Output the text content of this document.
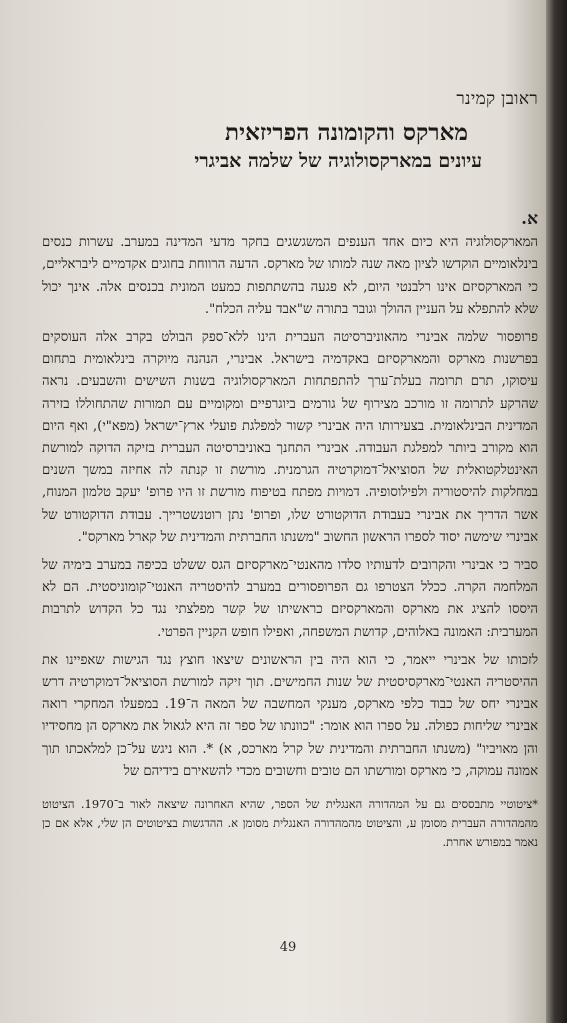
ראובן קמינר
מארקס והקומונה הפריזאית
עיונים במארקסולוגיה של שלמה אביגרי
א.

המארקסולוגיה היא כיום אחד הענפים המשגשגים בחקר מדעי המדינה במערב. עשרות כנסים בינלאומיים הוקדשו לציון מאה שנה למותו של מארקס. הדעה הרווחת בחוגים אקדמיים ליבראליים, כי המארקסיזם אינו רלבנטי היום, לא פגעה בהשתתפות כמעט המונית בכנסים אלה. אינך יכול שלא להתפלא על העניין ההולך וגובר בתורה ש"אבד עליה הכלח".

פרופסור שלמה אבינרי מהאוניברסיטה העברית הינו ללא־ספק הבולט בקרב אלה העוסקים בפרשנות מארקס והמארקסיזם באקדמיה בישראל. אבינרי, הנהנה מיוקרה בינלאומית בתחום עיסוקו, תרם תרומה בעלת־ערך להתפתחות המארקסולוגיה בשנות השישים והשבעים. נראה שהרקע לתרומה זו מורכב מצירוף של גורמים ביוגרפיים ומקומיים עם תמורות שהתחוללו בזירה המדינית הבינלאומית. בצעירותו היה אבינרי קשור למפלגת פועלי ארץ־ישראל (מפא"י), ואף היום הוא מקורב ביותר למפלגת העבודה. אבינרי התחנך באוניברסיטה העברית בזיקה הדוקה למורשת האינטלקטואלית של הסוציאל־דמוקרטיה הגרמנית. מורשת זו קנתה לה אחיזה במשך השנים במחלקות להיסטוריה ולפילוסופיה. דמויות מפתח בטיפוח מורשת זו היו פרופ' יעקב טלמון המנוח, אשר הדריך את אבינרי בעבודת הדוקטורט שלו, ופרופ' נתן רוטנשטרייך. עבודת הדוקטורט של אבינרי שימשה יסוד לספרו הראשון החשוב "משנתו החברתית והמדינית של קארל מארקס".

סביר כי אבינרי והקרובים לדעותיו סלדו מהאנטי־מארקסיזם הגס ששלט בכיפה במערב בימיה של המלחמה הקרה. ככלל הצטרפו גם הפרופסורים במערב להיסטריה האנטי־קומוניסטית. הם לא היססו להציג את מארקס והמארקסיזם כראשיתו של קשר מפלצתי נגד כל הקדוש לתרבות המערבית: האמונה באלוהים, קדושת המשפחה, ואפילו חופש הקניין הפרטי.

לזכותו של אבינרי ייאמר, כי הוא היה בין הראשונים שיצאו חוצץ נגד הגישות שאפיינו את ההיסטריה האנטי־מארקסיסטית של שנות החמישים. תוך זיקה למורשת הסוציאל־דמוקרטיה דרש אבינרי יחס של כבוד כלפי מארקס, מענקי המחשבה של המאה ה־19. במפעלו המחקרי רואה אבינרי שליחות כפולה. על ספרו הוא אומר: "כוונתו של ספר זה היא לגאול את מארקס הן מחסידיו והן מאויביו" (משנתו החברתית והמדינית של קרל מארכס, א) *. הוא ניגש על־כן למלאכתו תוך אמונה עמוקה, כי מארקס ומורשתו הם טובים וחשובים מכדי להשאירם בידיהם של

*ציטוטיי מתבססים גם על המהדורה האנגלית של הספר, שהיא האחרונה שיצאה לאור ב־1970. הציטוט מהמהדורה העברית מסומן ע, והציטוט מהמהדורה האנגלית מסומן א. ההדגשות בציטוטים הן שלי, אלא אם כן נאמר במפורש אחרת.
49
